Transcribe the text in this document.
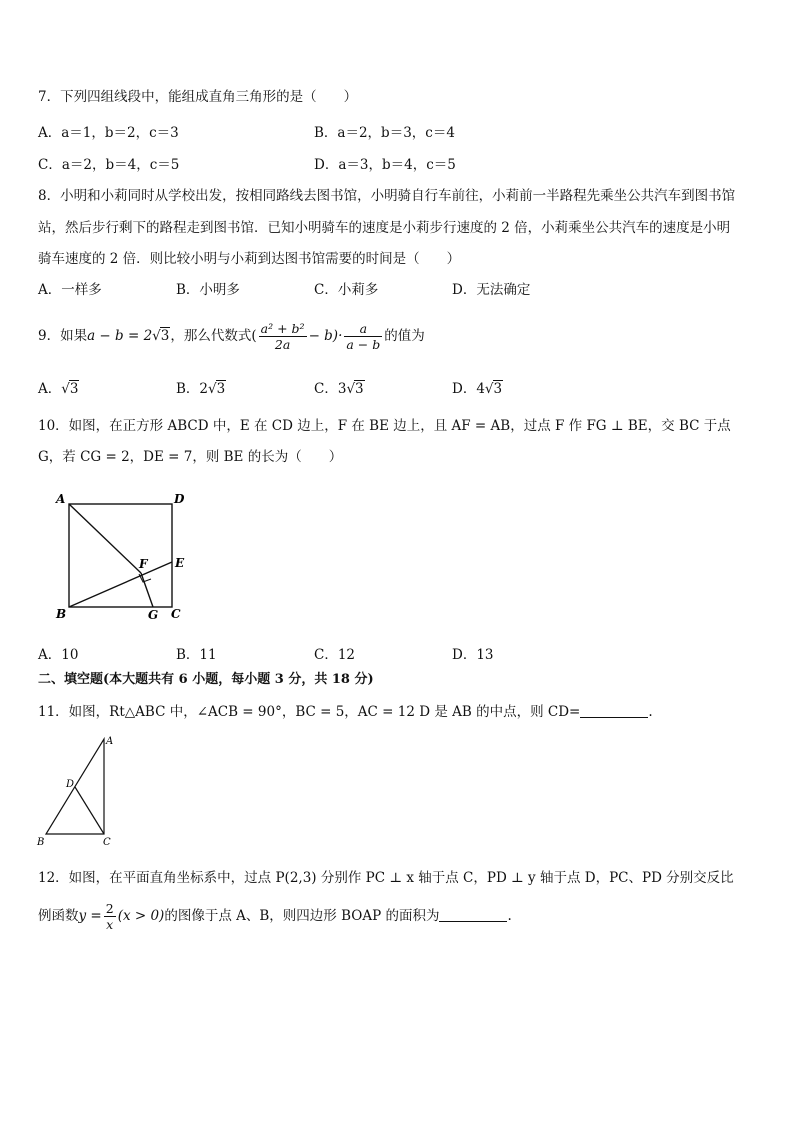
7．下列四组线段中，能组成直角三角形的是（　　）
A．a＝1，b＝2，c＝3	B．a＝2，b＝3，c＝4
C．a＝2，b＝4，c＝5	D．a＝3，b＝4，c＝5
8．小明和小莉同时从学校出发，按相同路线去图书馆，小明骑自行车前往，小莉前一半路程先乘坐公共汽车到图书馆
站，然后步行剩下的路程走到图书馆．已知小明骑车的速度是小莉步行速度的 2 倍，小莉乘坐公共汽车的速度是小明
骑车速度的 2 倍．则比较小明与小莉到达图书馆需要的时间是（　　）
A．一样多	B．小明多	C．小莉多	D．无法确定
9．如果a − b = 2√3，那么代数式( $\frac{\text{a² + b²}}{2a} - b)\cdot \frac{a}{a - b}$ 的值为
A．√3	B．2√3	C．3√3	D．4√3
10．如图，在正方形 ABCD 中，E 在 CD 边上，F 在 BE 边上，且 AF = AB，过点 F 作 FG ⊥ BE，交 BC 于点
G，若 CG = 2，DE = 7，则 BE 的长为（　　）
A	D
B	C
G
E
F
A．10	B．11	C．12	D．13
二、填空题(本大题共有 6 小题，每小题 3 分，共 18 分)
11．如图，Rt△ABC 中，∠ACB = 90°，BC = 5，AC = 12 D 是 AB 的中点，则 CD=	.
A
D
B	C
12．如图，在平面直角坐标系中，过点 P(2,3) 分别作 PC ⊥ x 轴于点 C，PD ⊥ y 轴于点 D，PC、PD 分别交反比
例函数$y = \frac{2}{x} (x > 0)$的图像于点 A、B，则四边形 BOAP 的面积为	.
